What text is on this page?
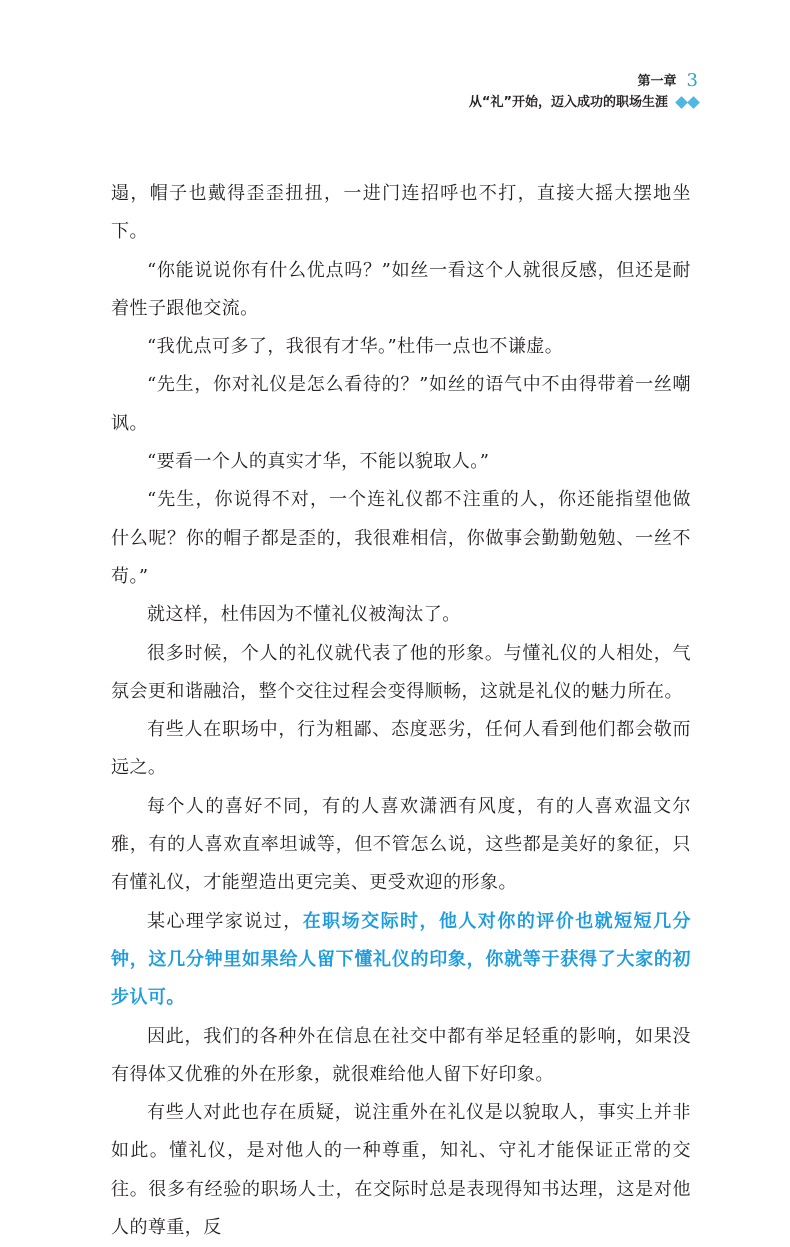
第一章 3
从“礼”开始，迈入成功的职场生涯

遢，帽子也戴得歪歪扭扭，一进门连招呼也不打，直接大摇大摆地坐下。

“你能说说你有什么优点吗？”如丝一看这个人就很反感，但还是耐着性子跟他交流。

“我优点可多了，我很有才华。”杜伟一点也不谦虚。

“先生，你对礼仪是怎么看待的？”如丝的语气中不由得带着一丝嘲讽。

“要看一个人的真实才华，不能以貌取人。”

“先生，你说得不对，一个连礼仪都不注重的人，你还能指望他做什么呢？你的帽子都是歪的，我很难相信，你做事会勤勤勉勉、一丝不苟。”

就这样，杜伟因为不懂礼仪被淘汰了。

很多时候，个人的礼仪就代表了他的形象。与懂礼仪的人相处，气氛会更和谐融洽，整个交往过程会变得顺畅，这就是礼仪的魅力所在。

有些人在职场中，行为粗鄙、态度恶劣，任何人看到他们都会敬而远之。

每个人的喜好不同，有的人喜欢潇洒有风度，有的人喜欢温文尔雅，有的人喜欢直率坦诚等，但不管怎么说，这些都是美好的象征，只有懂礼仪，才能塑造出更完美、更受欢迎的形象。

某心理学家说过，在职场交际时，他人对你的评价也就短短几分钟，这几分钟里如果给人留下懂礼仪的印象，你就等于获得了大家的初步认可。

因此，我们的各种外在信息在社交中都有举足轻重的影响，如果没有得体又优雅的外在形象，就很难给他人留下好印象。

有些人对此也存在质疑，说注重外在礼仪是以貌取人，事实上并非如此。懂礼仪，是对他人的一种尊重，知礼、守礼才能保证正常的交往。很多有经验的职场人士，在交际时总是表现得知书达理，这是对他人的尊重，反
